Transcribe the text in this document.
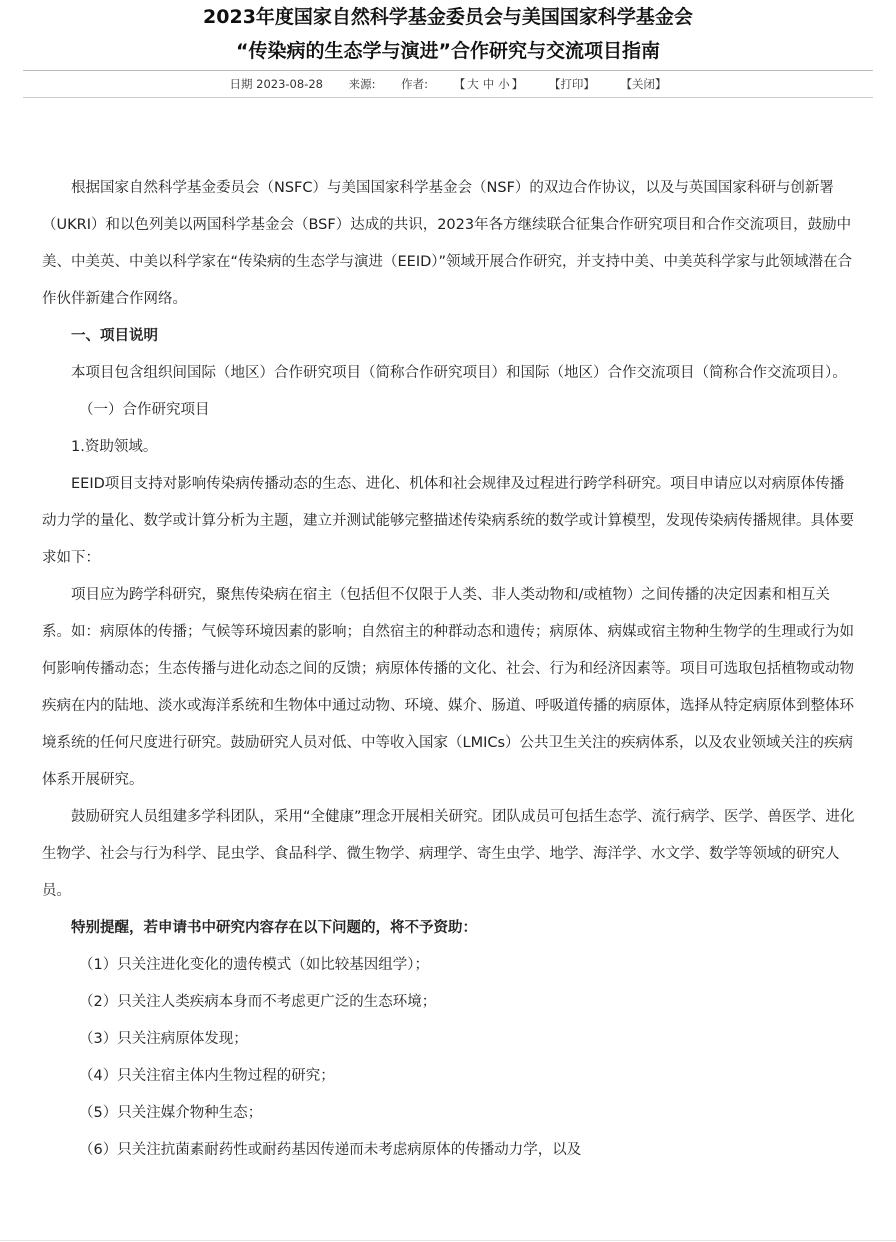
2023年度国家自然科学基金委员会与美国国家科学基金会
“传染病的生态学与演进”合作研究与交流项目指南
日期 2023-08-28 来源: 作者: 【 大 中 小 】 【打印】 【关闭】

根据国家自然科学基金委员会（NSFC）与美国国家科学基金会（NSF）的双边合作协议，以及与英国国家科研与创新署（UKRI）和以色列美以两国科学基金会（BSF）达成的共识，2023年各方继续联合征集合作研究项目和合作交流项目，鼓励中美、中美英、中美以科学家在“传染病的生态学与演进（EEID）”领域开展合作研究，并支持中美、中美英科学家与此领域潜在合作伙伴新建合作网络。

一、项目说明

本项目包含组织间国际（地区）合作研究项目（简称合作研究项目）和国际（地区）合作交流项目（简称合作交流项目）。

（一）合作研究项目

1.资助领域。

EEID项目支持对影响传染病传播动态的生态、进化、机体和社会规律及过程进行跨学科研究。项目申请应以对病原体传播动力学的量化、数学或计算分析为主题，建立并测试能够完整描述传染病系统的数学或计算模型，发现传染病传播规律。具体要求如下：

项目应为跨学科研究，聚焦传染病在宿主（包括但不仅限于人类、非人类动物和/或植物）之间传播的决定因素和相互关系。如：病原体的传播；气候等环境因素的影响；自然宿主的种群动态和遗传；病原体、病媒或宿主物种生物学的生理或行为如何影响传播动态；生态传播与进化动态之间的反馈；病原体传播的文化、社会、行为和经济因素等。项目可选取包括植物或动物疾病在内的陆地、淡水或海洋系统和生物体中通过动物、环境、媒介、肠道、呼吸道传播的病原体，选择从特定病原体到整体环境系统的任何尺度进行研究。鼓励研究人员对低、中等收入国家（LMICs）公共卫生关注的疾病体系，以及农业领域关注的疾病体系开展研究。

鼓励研究人员组建多学科团队，采用“全健康”理念开展相关研究。团队成员可包括生态学、流行病学、医学、兽医学、进化生物学、社会与行为科学、昆虫学、食品科学、微生物学、病理学、寄生虫学、地学、海洋学、水文学、数学等领域的研究人员。

特别提醒，若申请书中研究内容存在以下问题的，将不予资助：

（1）只关注进化变化的遗传模式（如比较基因组学）；

（2）只关注人类疾病本身而不考虑更广泛的生态环境；

（3）只关注病原体发现；

（4）只关注宿主体内生物过程的研究；

（5）只关注媒介物种生态；

（6）只关注抗菌素耐药性或耐药基因传递而未考虑病原体的传播动力学，以及
